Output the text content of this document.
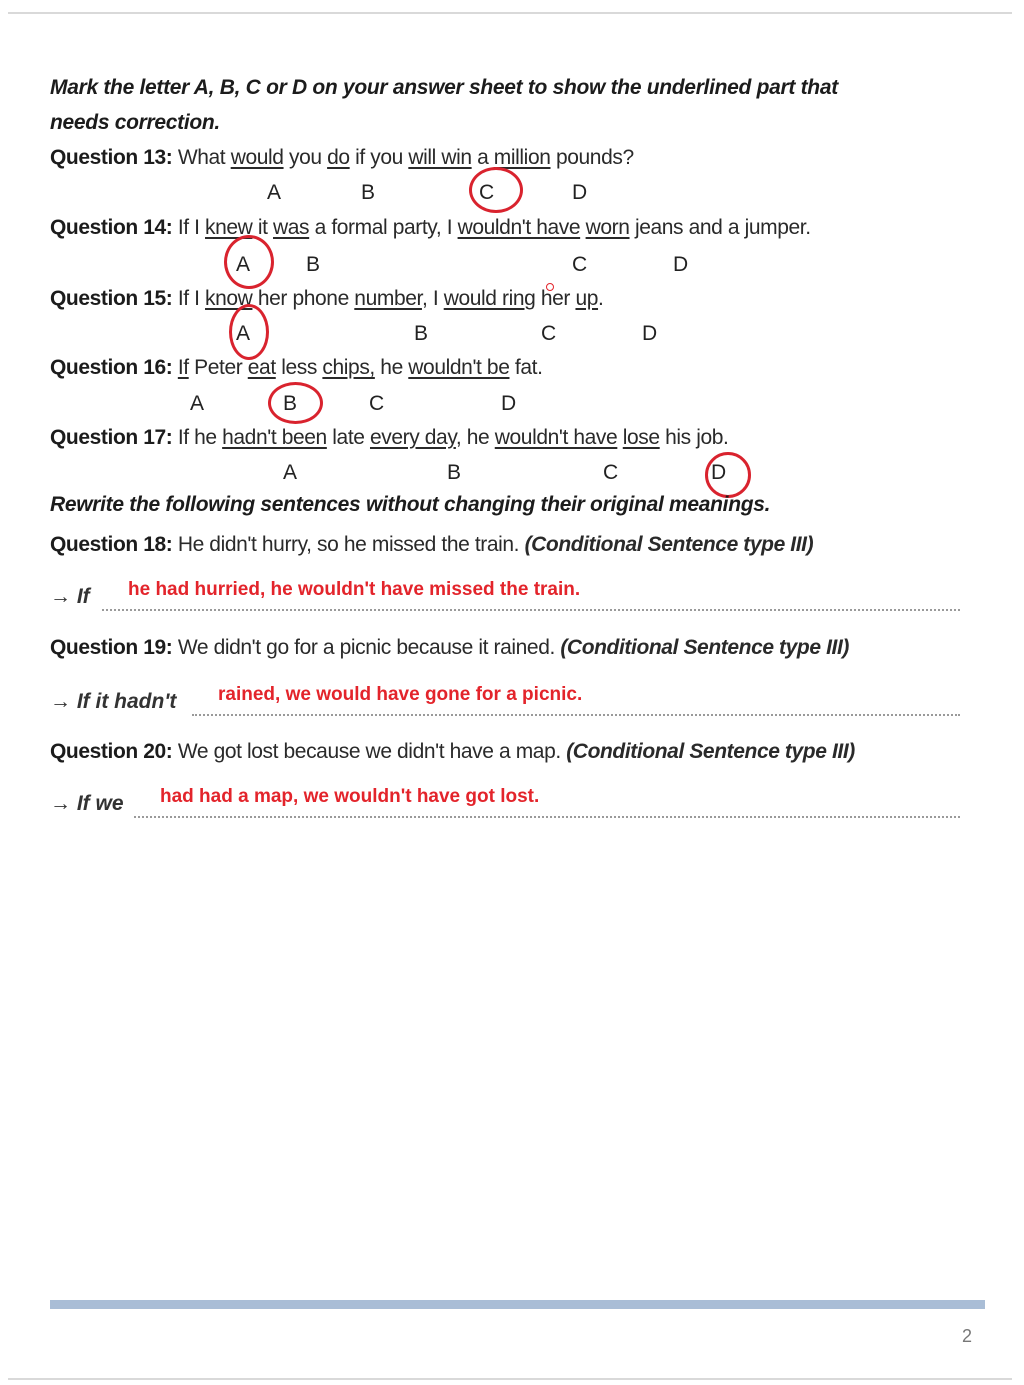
Mark the letter A, B, C or D on your answer sheet to show the underlined part that
needs correction.
Question 13: What would you do if you will win a million pounds?
A	B	C	D
Question 14: If I knew it was a formal party, I wouldn't have worn jeans and a jumper.
A	B	C	D
Question 15: If I know her phone number, I would ring her up.
A	B	C	D
Question 16: If Peter eat less chips, he wouldn't be fat.
A	B	C	D
Question 17: If he hadn't been late every day, he wouldn't have lose his job.
A	B	C	D
Rewrite the following sentences without changing their original meanings.
Question 18: He didn't hurry, so he missed the train. (Conditional Sentence type III)
→ If he had hurried, he wouldn't have missed the train.
Question 19: We didn't go for a picnic because it rained. (Conditional Sentence type III)
→ If it hadn't rained, we would have gone for a picnic.
Question 20: We got lost because we didn't have a map. (Conditional Sentence type III)
→ If we had had a map, we wouldn't have got lost.
2
